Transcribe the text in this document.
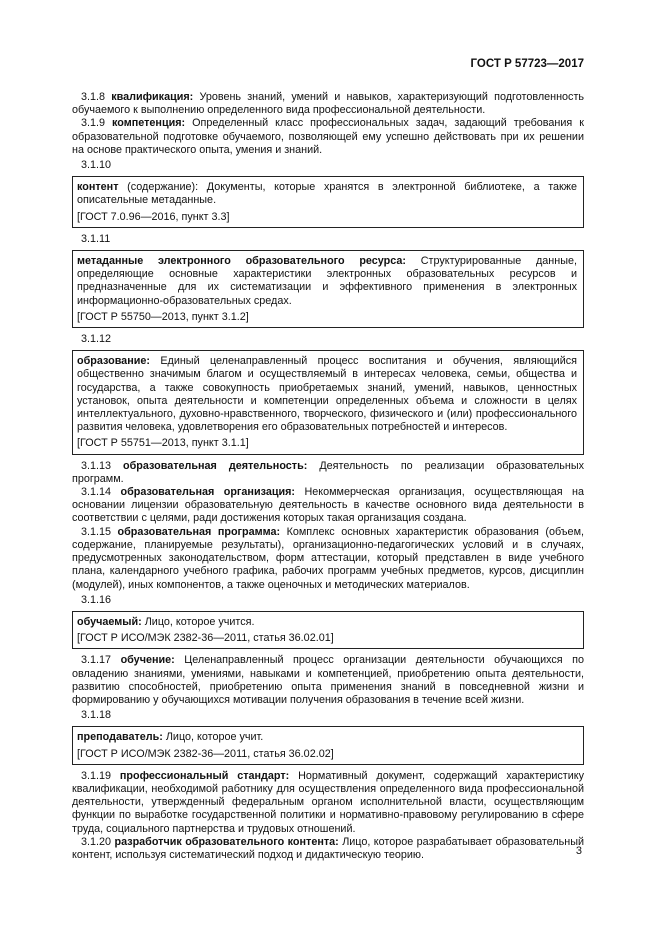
ГОСТ Р 57723—2017

3.1.8 квалификация: Уровень знаний, умений и навыков, характеризующий подготовленность обучаемого к выполнению определенного вида профессиональной деятельности.

3.1.9 компетенция: Определенный класс профессиональных задач, задающий требования к образовательной подготовке обучаемого, позволяющей ему успешно действовать при их решении на основе практического опыта, умения и знаний.

3.1.10

контент (содержание): Документы, которые хранятся в электронной библиотеке, а также описательные метаданные.

[ГОСТ 7.0.96—2016, пункт 3.3]

3.1.11

метаданные электронного образовательного ресурса: Структурированные данные, определяющие основные характеристики электронных образовательных ресурсов и предназначенные для их систематизации и эффективного применения в электронных информационно-образовательных средах.

[ГОСТ Р 55750—2013, пункт 3.1.2]

3.1.12

образование: Единый целенаправленный процесс воспитания и обучения, являющийся общественно значимым благом и осуществляемый в интересах человека, семьи, общества и государства, а также совокупность приобретаемых знаний, умений, навыков, ценностных установок, опыта деятельности и компетенции определенных объема и сложности в целях интеллектуального, духовно-нравственного, творческого, физического и (или) профессионального развития человека, удовлетворения его образовательных потребностей и интересов.

[ГОСТ Р 55751—2013, пункт 3.1.1]

3.1.13 образовательная деятельность: Деятельность по реализации образовательных программ.

3.1.14 образовательная организация: Некоммерческая организация, осуществляющая на основании лицензии образовательную деятельность в качестве основного вида деятельности в соответствии с целями, ради достижения которых такая организация создана.

3.1.15 образовательная программа: Комплекс основных характеристик образования (объем, содержание, планируемые результаты), организационно-педагогических условий и в случаях, предусмотренных законодательством, форм аттестации, который представлен в виде учебного плана, календарного учебного графика, рабочих программ учебных предметов, курсов, дисциплин (модулей), иных компонентов, а также оценочных и методических материалов.

3.1.16

обучаемый: Лицо, которое учится.

[ГОСТ Р ИСО/МЭК 2382-36—2011, статья 36.02.01]

3.1.17 обучение: Целенаправленный процесс организации деятельности обучающихся по овладению знаниями, умениями, навыками и компетенцией, приобретению опыта деятельности, развитию способностей, приобретению опыта применения знаний в повседневной жизни и формированию у обучающихся мотивации получения образования в течение всей жизни.

3.1.18

преподаватель: Лицо, которое учит.

[ГОСТ Р ИСО/МЭК 2382-36—2011, статья 36.02.02]

3.1.19 профессиональный стандарт: Нормативный документ, содержащий характеристику квалификации, необходимой работнику для осуществления определенного вида профессиональной деятельности, утвержденный федеральным органом исполнительной власти, осуществляющим функции по выработке государственной политики и нормативно-правовому регулированию в сфере труда, социального партнерства и трудовых отношений.

3.1.20 разработчик образовательного контента: Лицо, которое разрабатывает образовательный контент, используя систематический подход и дидактическую теорию.	3
